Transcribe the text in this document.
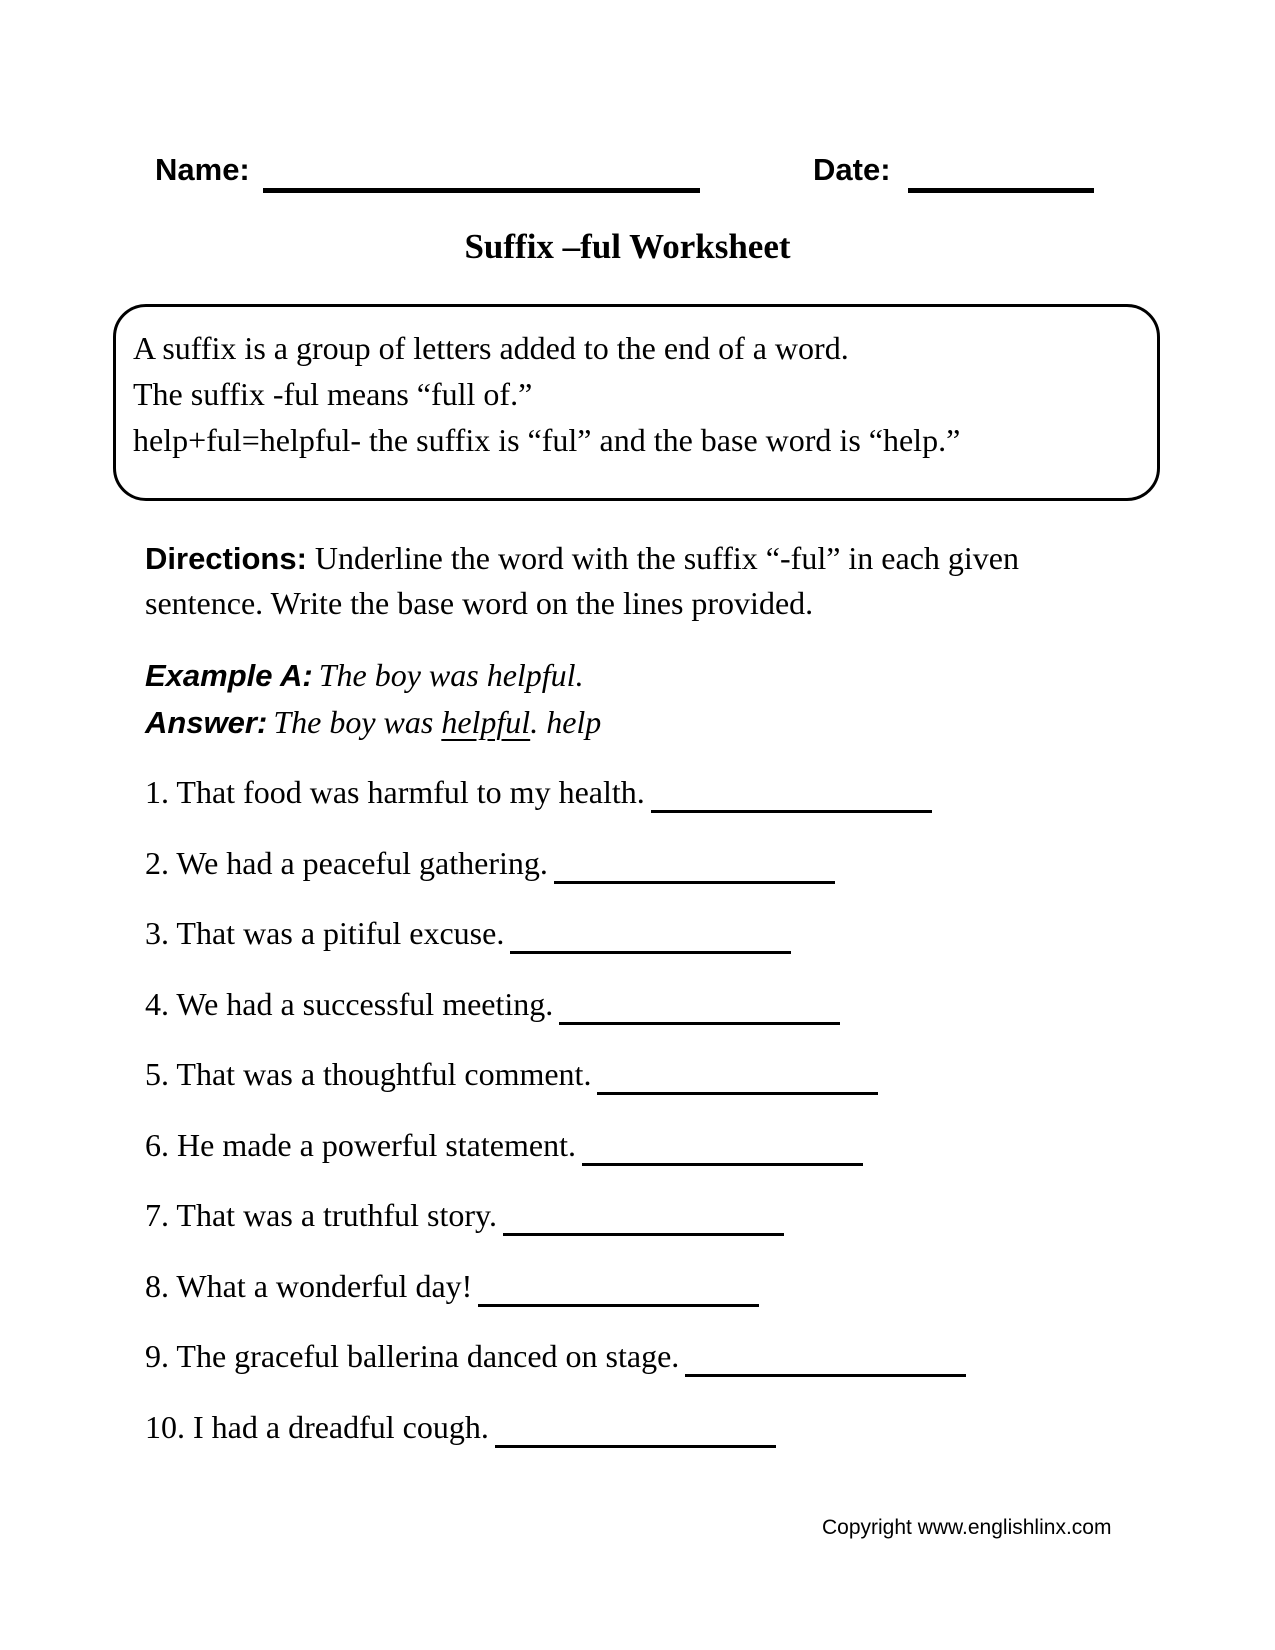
Name:	Date:
Suffix –ful Worksheet
A suffix is a group of letters added to the end of a word.
The suffix -ful means “full of.”
help+ful=helpful- the suffix is “ful” and the base word is “help.”

Directions: Underline the word with the suffix “-ful” in each given sentence. Write the base word on the lines provided.

Example A: The boy was helpful.
Answer: The boy was helpful. help
1. That food was harmful to my health.
2. We had a peaceful gathering.
3. That was a pitiful excuse.
4. We had a successful meeting.
5. That was a thoughtful comment.
6. He made a powerful statement.
7. That was a truthful story.
8. What a wonderful day!
9. The graceful ballerina danced on stage.
10. I had a dreadful cough.
Copyright www.englishlinx.com
